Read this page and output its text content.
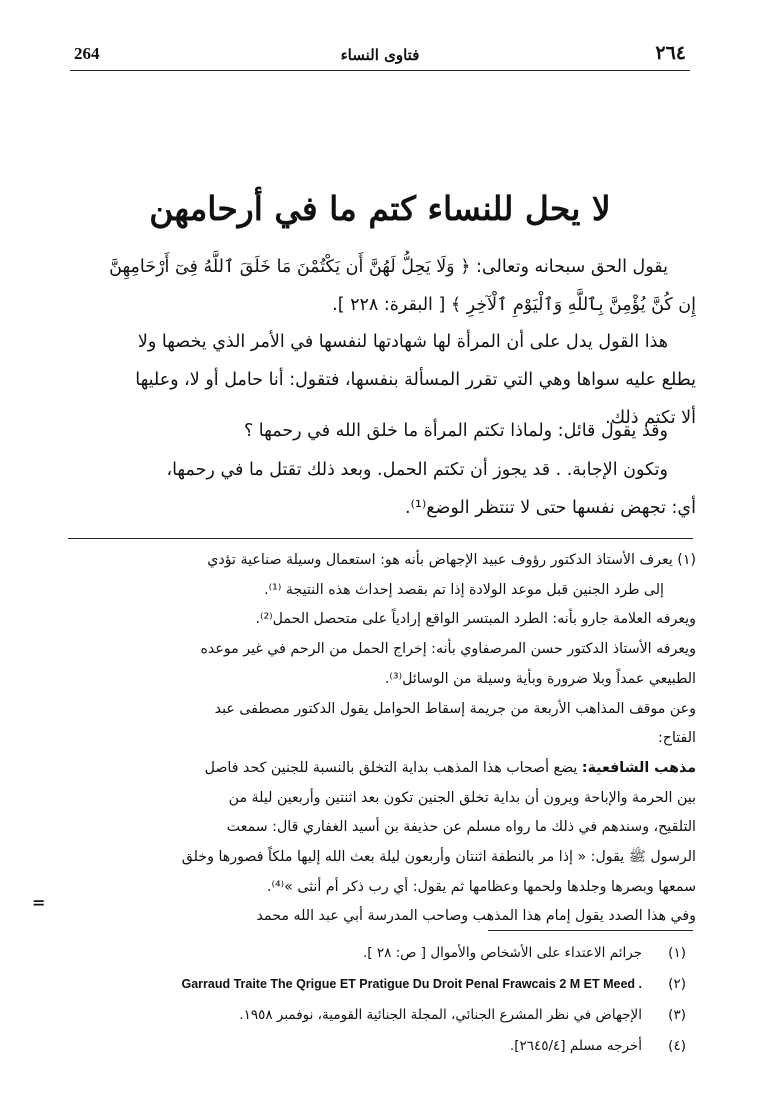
264	فتاوى النساء	٢٦٤
لا يحل للنساء كتم ما في أرحامهن
يقول الحق سبحانه وتعالى: ﴿ وَلَا يَحِلُّ لَهُنَّ أَن يَكْتُمْنَ مَا خَلَقَ ٱللَّهُ فِىٓ أَرْحَامِهِنَّ
إِن كُنَّ يُؤْمِنَّ بِٱللَّهِ وَٱلْيَوْمِ ٱلْآخِرِ ﴾ [ البقرة: ٢٢٨ ].
هذا القول يدل على أن المرأة لها شهادتها لنفسها في الأمر الذي يخصها ولا
يطلع عليه سواها وهي التي تقرر المسألة بنفسها، فتقول: أنا حامل أو لا، وعليها
ألا تكتم ذلك.
وقد يقول قائل: ولماذا تكتم المرأة ما خلق الله في رحمها ؟
وتكون الإجابة. . قد يجوز أن تكتم الحمل. وبعد ذلك تقتل ما في رحمها،
أي: تجهض نفسها حتى لا تنتظر الوضع⁽¹⁾.
(١) يعرف الأستاذ الدكتور رؤوف عبيد الإجهاض بأنه هو: استعمال وسيلة صناعية تؤدي
إلى طرد الجنين قبل موعد الولادة إذا تم بقصد إحداث هذه النتيجة ⁽¹⁾.
ويعرفه العلامة جارو بأنه: الطرد المبتسر الواقع إرادياً على متحصل الحمل⁽²⁾.
ويعرفه الأستاذ الدكتور حسن المرصفاوي بأنه: إخراج الحمل من الرحم في غير موعده
الطبيعي عمداً وبلا ضرورة وبأية وسيلة من الوسائل⁽³⁾.
وعن موقف المذاهب الأربعة من جريمة إسقاط الحوامل يقول الدكتور مصطفى عبد
الفتاح:
مذهب الشافعية: يضع أصحاب هذا المذهب بداية التخلق بالنسبة للجنين كحد فاصل
بين الحرمة والإباحة ويرون أن بداية تخلق الجنين تكون بعد اثنتين وأربعين ليلة من
التلقيح، وسندهم في ذلك ما رواه مسلم عن حذيفة بن أسيد الغفاري قال: سمعت
الرسول ﷺ يقول: « إذا مر بالنطفة اثنتان وأربعون ليلة بعث الله إليها ملكاً فصورها وخلق
سمعها وبصرها وجلدها ولحمها وعظامها ثم يقول: أي رب ذكر أم أنثى »⁽⁴⁾.
وفي هذا الصدد يقول إمام هذا المذهب وصاحب المدرسة أبي عبد الله محمد
=
(١)
جرائم الاعتداء على الأشخاص والأموال [ ص: ٢٨ ].
(٢)
Garraud Traite The Qrigue ET Pratigue Du Droit Penal Frawcais 2 M ET Meed .
(٣)
الإجهاض في نظر المشرع الجنائي، المجلة الجنائية القومية، نوفمبر ١٩٥٨.
(٤)
أخرجه مسلم [٢٦٤٥/٤].
